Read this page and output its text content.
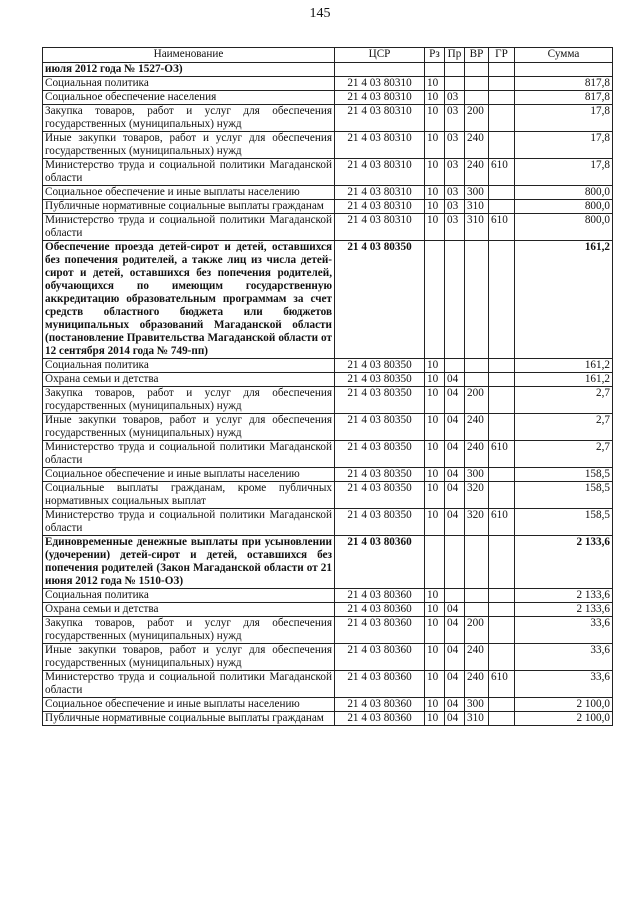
145
Наименование	ЦСР	Рз	Пр	ВР	ГР	Сумма
июля 2012 года № 1527-ОЗ)						
Социальная политика	21 4 03 80310	10				817,8
Социальное обеспечение населения	21 4 03 80310	10	03			817,8
Закупка товаров, работ и услуг для обеспечения государственных (муниципальных) нужд	21 4 03 80310	10	03	200		17,8
Иные закупки товаров, работ и услуг для обеспечения государственных (муниципальных) нужд	21 4 03 80310	10	03	240		17,8
Министерство труда и социальной политики Магаданской области	21 4 03 80310	10	03	240	610	17,8
Социальное обеспечение и иные выплаты населению	21 4 03 80310	10	03	300		800,0
Публичные нормативные социальные выплаты гражданам	21 4 03 80310	10	03	310		800,0
Министерство труда и социальной политики Магаданской области	21 4 03 80310	10	03	310	610	800,0
Обеспечение проезда детей-сирот и детей, оставшихся без попечения родителей, а также лиц из числа детей-сирот и детей, оставшихся без попечения родителей, обучающихся по имеющим государственную аккредитацию образовательным программам за счет средств областного бюджета или бюджетов муниципальных образований Магаданской области (постановление Правительства Магаданской области от 12 сентября 2014 года № 749-пп)	21 4 03 80350					161,2
Социальная политика	21 4 03 80350	10				161,2
Охрана семьи и детства	21 4 03 80350	10	04			161,2
Закупка товаров, работ и услуг для обеспечения государственных (муниципальных) нужд	21 4 03 80350	10	04	200		2,7
Иные закупки товаров, работ и услуг для обеспечения государственных (муниципальных) нужд	21 4 03 80350	10	04	240		2,7
Министерство труда и социальной политики Магаданской области	21 4 03 80350	10	04	240	610	2,7
Социальное обеспечение и иные выплаты населению	21 4 03 80350	10	04	300		158,5
Социальные выплаты гражданам, кроме публичных нормативных социальных выплат	21 4 03 80350	10	04	320		158,5
Министерство труда и социальной политики Магаданской области	21 4 03 80350	10	04	320	610	158,5
Единовременные денежные выплаты при усыновлении (удочерении) детей-сирот и детей, оставшихся без попечения родителей (Закон Магаданской области от 21 июня 2012 года № 1510-ОЗ)	21 4 03 80360					2 133,6
Социальная политика	21 4 03 80360	10				2 133,6
Охрана семьи и детства	21 4 03 80360	10	04			2 133,6
Закупка товаров, работ и услуг для обеспечения государственных (муниципальных) нужд	21 4 03 80360	10	04	200		33,6
Иные закупки товаров, работ и услуг для обеспечения государственных (муниципальных) нужд	21 4 03 80360	10	04	240		33,6
Министерство труда и социальной политики Магаданской области	21 4 03 80360	10	04	240	610	33,6
Социальное обеспечение и иные выплаты населению	21 4 03 80360	10	04	300		2 100,0
Публичные нормативные социальные выплаты гражданам	21 4 03 80360	10	04	310		2 100,0
